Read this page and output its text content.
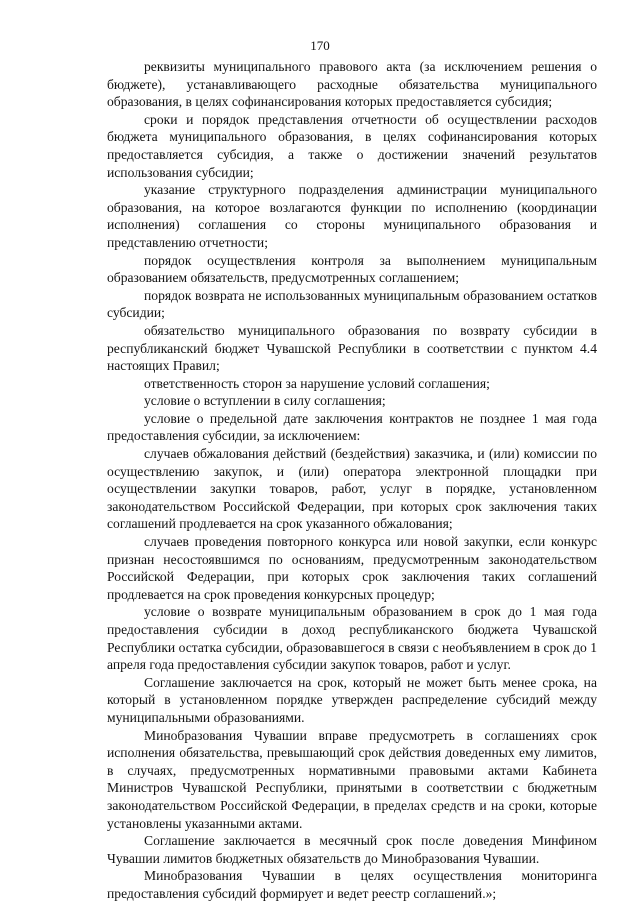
170

реквизиты муниципального правового акта (за исключением решения о бюджете), устанавливающего расходные обязательства муниципального образования, в целях софинансирования которых предоставляется субсидия;

сроки и порядок представления отчетности об осуществлении расходов бюджета муниципального образования, в целях софинансирования которых предоставляется субсидия, а также о достижении значений результатов использования субсидии;

указание структурного подразделения администрации муниципального образования, на которое возлагаются функции по исполнению (координации исполнения) соглашения со стороны муниципального образования и представлению отчетности;

порядок осуществления контроля за выполнением муниципальным образованием обязательств, предусмотренных соглашением;

порядок возврата не использованных муниципальным образованием остатков субсидии;

обязательство муниципального образования по возврату субсидии в республиканский бюджет Чувашской Республики в соответствии с пунктом 4.4 настоящих Правил;

ответственность сторон за нарушение условий соглашения;

условие о вступлении в силу соглашения;

условие о предельной дате заключения контрактов не позднее 1 мая года предоставления субсидии, за исключением:

случаев обжалования действий (бездействия) заказчика, и (или) комиссии по осуществлению закупок, и (или) оператора электронной площадки при осуществлении закупки товаров, работ, услуг в порядке, установленном законодательством Российской Федерации, при которых срок заключения таких соглашений продлевается на срок указанного обжалования;

случаев проведения повторного конкурса или новой закупки, если конкурс признан несостоявшимся по основаниям, предусмотренным законодательством Российской Федерации, при которых срок заключения таких соглашений продлевается на срок проведения конкурсных процедур;

условие о возврате муниципальным образованием в срок до 1 мая года предоставления субсидии в доход республиканского бюджета Чувашской Республики остатка субсидии, образовавшегося в связи с необъявлением в срок до 1 апреля года предоставления субсидии закупок товаров, работ и услуг.

Соглашение заключается на срок, который не может быть менее срока, на который в установленном порядке утвержден распределение субсидий между муниципальными образованиями.

Минобразования Чувашии вправе предусмотреть в соглашениях срок исполнения обязательства, превышающий срок действия доведенных ему лимитов, в случаях, предусмотренных нормативными правовыми актами Кабинета Министров Чувашской Республики, принятыми в соответствии с бюджетным законодательством Российской Федерации, в пределах средств и на сроки, которые установлены указанными актами.

Соглашение заключается в месячный срок после доведения Минфином Чувашии лимитов бюджетных обязательств до Минобразования Чувашии.

Минобразования Чувашии в целях осуществления мониторинга предоставления субсидий формирует и ведет реестр соглашений.»;
